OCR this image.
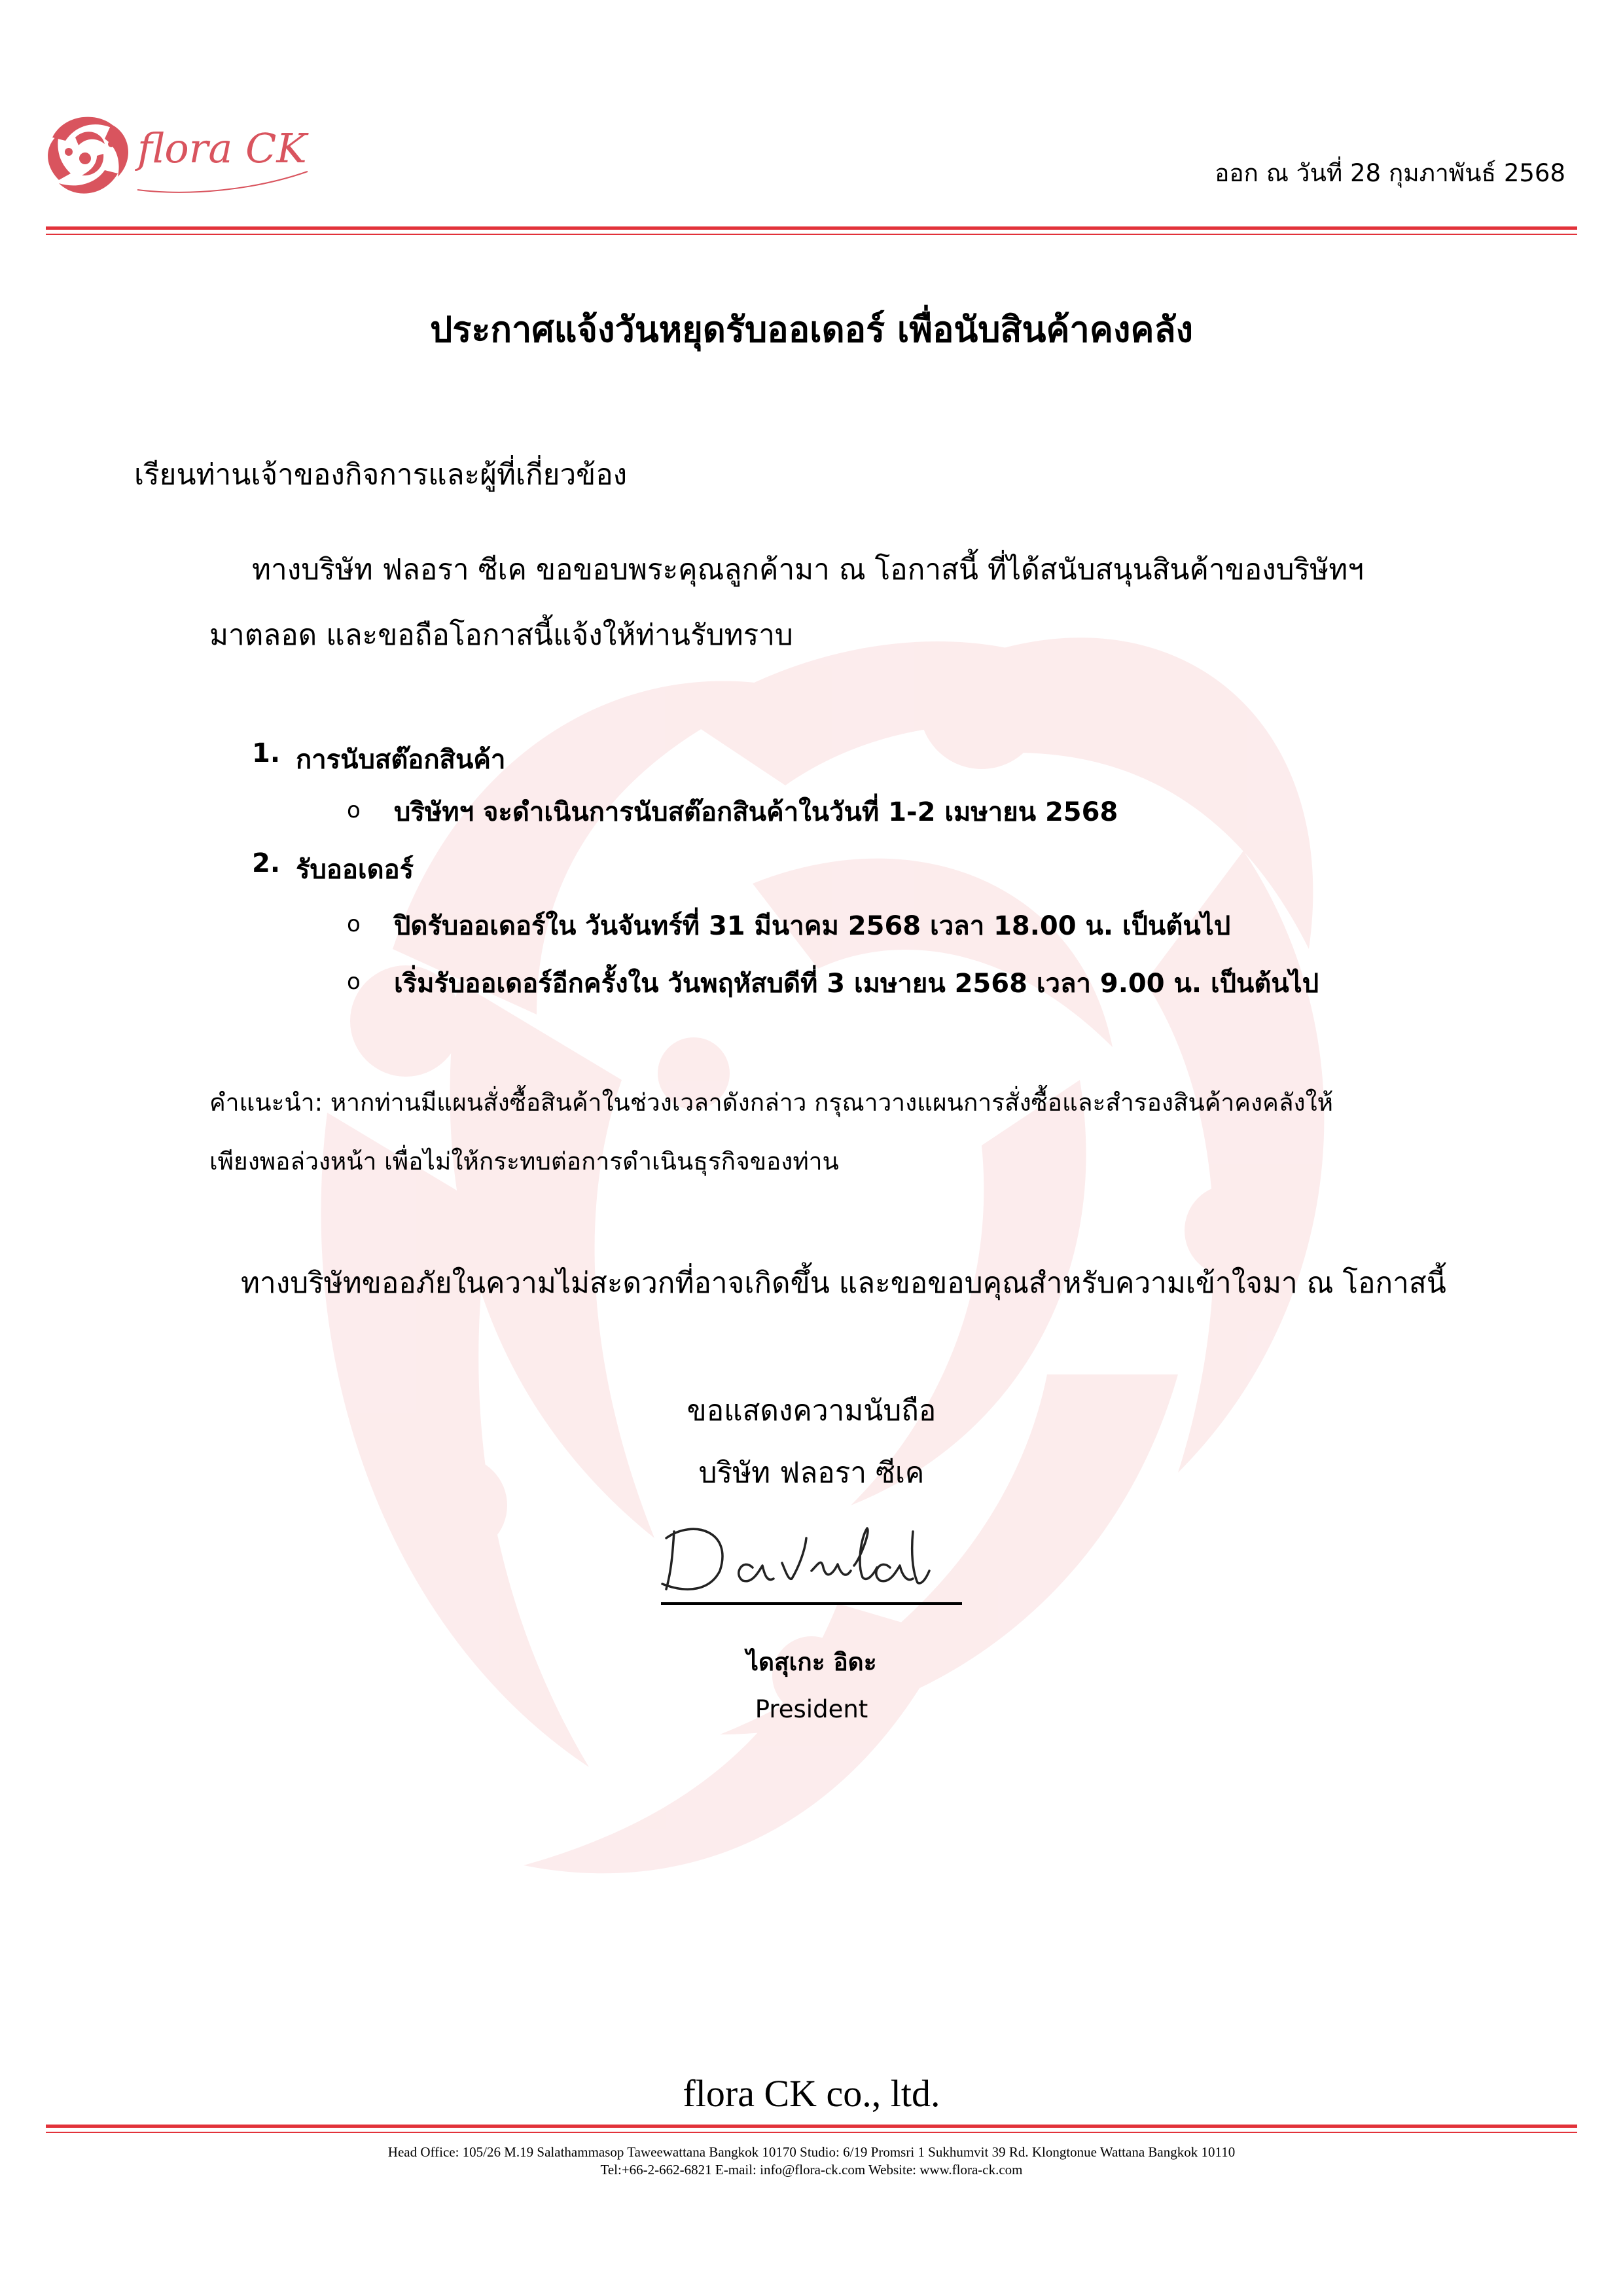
flora CK
ออก ณ วันที่ 28 กุมภาพันธ์ 2568
ประกาศแจ้งวันหยุดรับออเดอร์ เพื่อนับสินค้าคงคลัง
เรียนท่านเจ้าของกิจการและผู้ที่เกี่ยวข้อง
ทางบริษัท ฟลอรา ซีเค ขอขอบพระคุณลูกค้ามา ณ โอกาสนี้ ที่ได้สนับสนุนสินค้าของบริษัทฯ
มาตลอด และขอถือโอกาสนี้แจ้งให้ท่านรับทราบ
1. การนับสต๊อกสินค้า
o บริษัทฯ จะดำเนินการนับสต๊อกสินค้าในวันที่ 1-2 เมษายน 2568
2. รับออเดอร์
o ปิดรับออเดอร์ใน วันจันทร์ที่ 31 มีนาคม 2568 เวลา 18.00 น. เป็นต้นไป
o เริ่มรับออเดอร์อีกครั้งใน วันพฤหัสบดีที่ 3 เมษายน 2568 เวลา 9.00 น. เป็นต้นไป
คำแนะนำ: หากท่านมีแผนสั่งซื้อสินค้าในช่วงเวลาดังกล่าว กรุณาวางแผนการสั่งซื้อและสำรองสินค้าคงคลังให้
เพียงพอล่วงหน้า เพื่อไม่ให้กระทบต่อการดำเนินธุรกิจของท่าน
ทางบริษัทขออภัยในความไม่สะดวกที่อาจเกิดขึ้น และขอขอบคุณสำหรับความเข้าใจมา ณ โอกาสนี้
ขอแสดงความนับถือ
บริษัท ฟลอรา ซีเค
ไดสุเกะ อิดะ
President
flora CK co., ltd.
Head Office: 105/26 M.19 Salathammasop Taweewattana Bangkok 10170 Studio: 6/19 Promsri 1 Sukhumvit 39 Rd. Klongtonue Wattana Bangkok 10110
Tel:+66-2-662-6821 E-mail: info@flora-ck.com Website: www.flora-ck.com
